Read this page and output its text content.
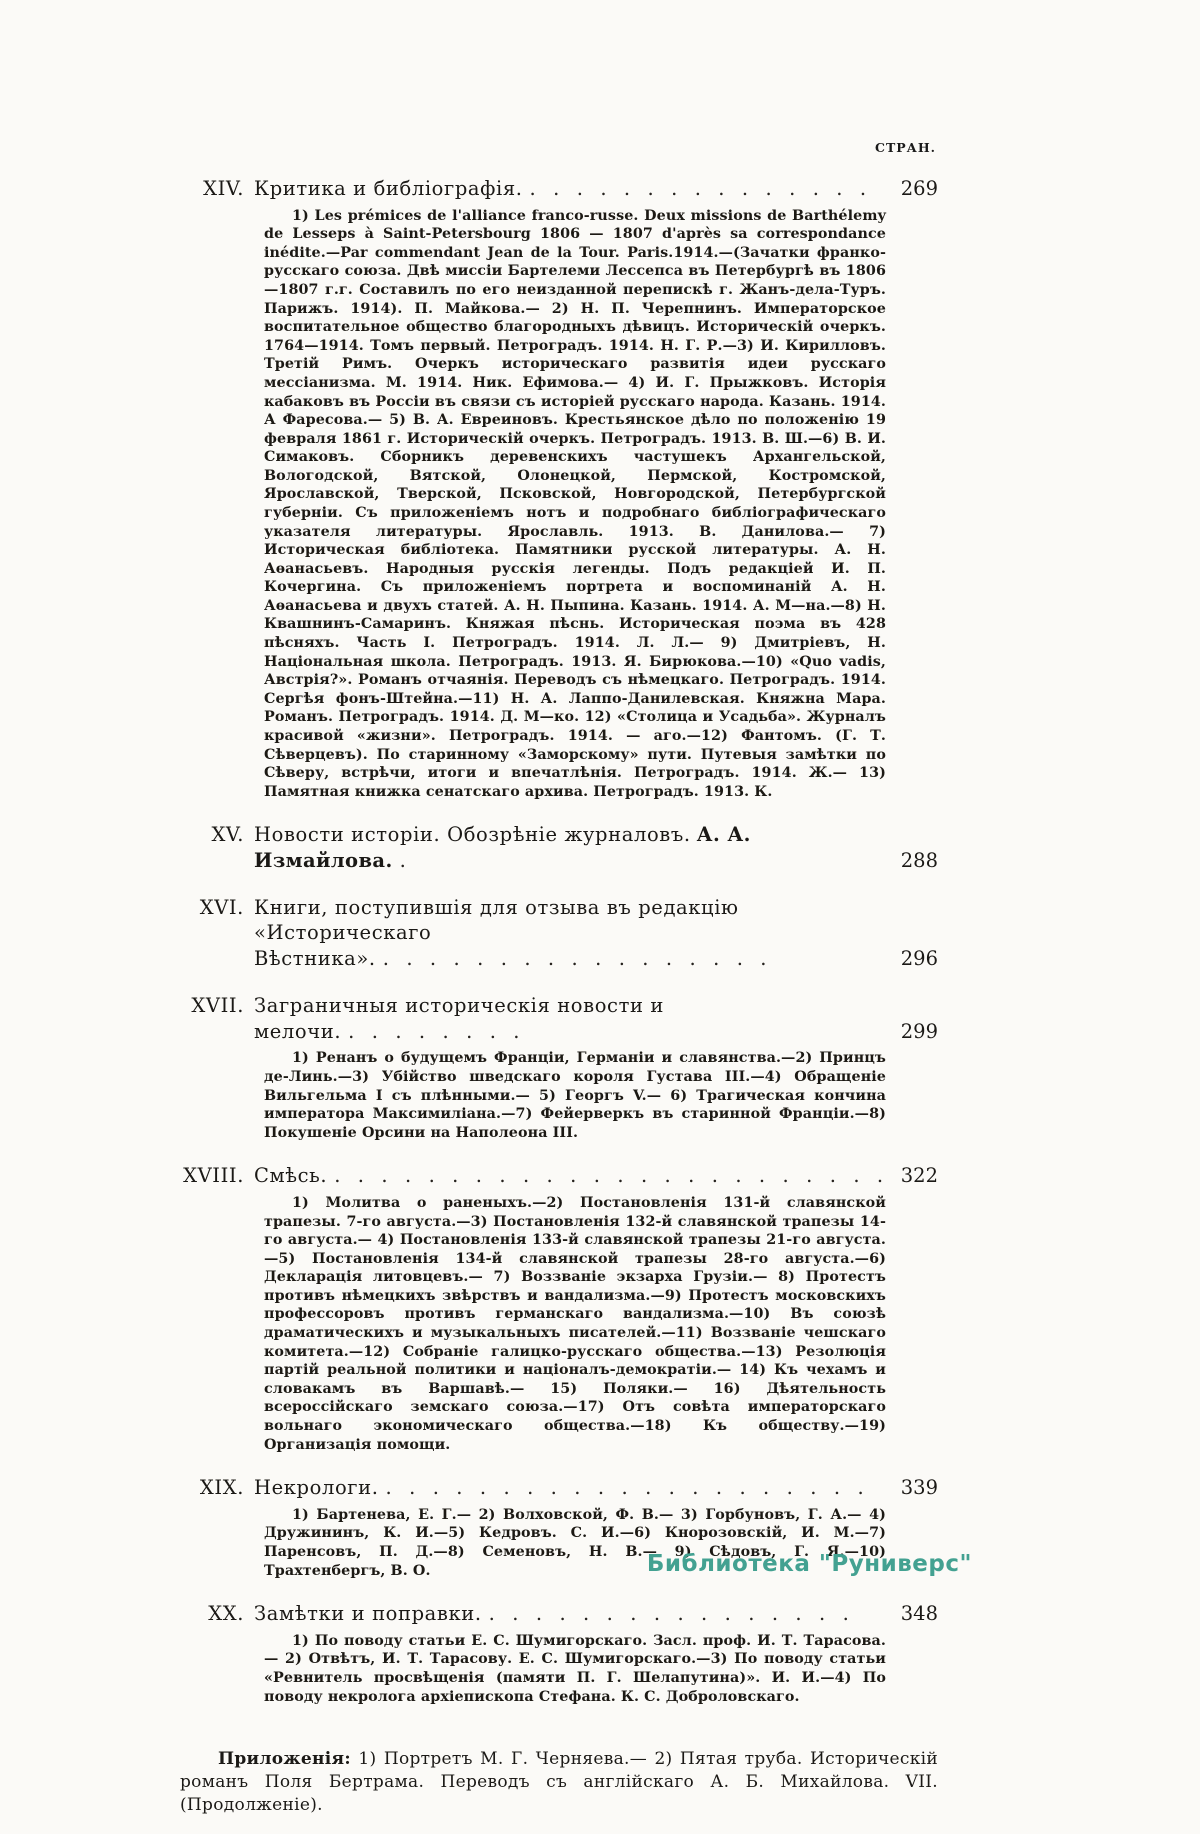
СТРАН.
XIV. Критика и библіографія. . . . . . . . . . . . . . . .	269
1) Les prémices de l'alliance franco-russe. Deux missions de Barthélemy de Lesseps à Saint-Petersbourg 1806 — 1807 d'après sa correspondance inédite.—Par commendant Jean de la Tour. Paris.1914.—(Зачатки франко-русскаго союза. Двѣ миссіи Бартелеми Лессепса въ Петербургѣ въ 1806—1807 г.г. Составилъ по его неизданной перепискѣ г. Жанъ-дела-Туръ. Парижъ. 1914). П. Майкова.— 2) Н. П. Черепнинъ. Императорское воспитательное общество благородныхъ дѣвицъ. Историческій очеркъ. 1764—1914. Томъ первый. Петроградъ. 1914. Н. Г. Р.—3) И. Кирилловъ. Третій Римъ. Очеркъ историческаго развитія идеи русскаго мессіанизма. М. 1914. Ник. Ефимова.— 4) И. Г. Прыжковъ. Исторія кабаковъ въ Россіи въ связи съ исторіей русскаго народа. Казань. 1914. А Фаресова.— 5) В. А. Евреиновъ. Крестьянское дѣло по положенію 19 февраля 1861 г. Историческій очеркъ. Петроградъ. 1913. В. Ш.—6) В. И. Симаковъ. Сборникъ деревенскихъ частушекъ Архангельской, Вологодской, Вятской, Олонецкой, Пермской, Костромской, Ярославской, Тверской, Псковской, Новгородской, Петербургской губерніи. Съ приложеніемъ нотъ и подробнаго библіографическаго указателя литературы. Ярославль. 1913. В. Данилова.— 7) Историческая библіотека. Памятники русской литературы. А. Н. Аѳанасьевъ. Народныя русскія легенды. Подъ редакціей И. П. Кочергина. Съ приложеніемъ портрета и воспоминаній А. Н. Аѳанасьева и двухъ статей. А. Н. Пыпина. Казань. 1914. А. М—на.—8) Н. Квашнинъ-Самаринъ. Княжая пѣснь. Историческая поэма въ 428 пѣсняхъ. Часть I. Петроградъ. 1914. Л. Л.— 9) Дмитріевъ, Н. Національная школа. Петроградъ. 1913. Я. Бирюкова.—10) «Quo vadis, Австрія?». Романъ отчаянія. Переводъ съ нѣмецкаго. Петроградъ. 1914. Сергѣя фонъ-Штейна.—11) Н. А. Лаппо-Данилевская. Княжна Мара. Романъ. Петроградъ. 1914. Д. М—ко. 12) «Столица и Усадьба». Журналъ красивой «жизни». Петроградъ. 1914. — аго.—12) Фантомъ. (Г. Т. Сѣверцевъ). По старинному «Заморскому» пути. Путевыя замѣтки по Сѣверу, встрѣчи, итоги и впечатлѣнія. Петроградъ. 1914. Ж.— 13) Памятная книжка сенатскаго архива. Петроградъ. 1913. К.
XV. Новости исторіи. Обозрѣніе журналовъ. А. А. Измайлова. .	288
XVI. Книги, поступившія для отзыва въ редакцію «Историческаго Вѣстника». . . . . . . . . . . . . . . . . .	296
XVII. Заграничныя историческія новости и мелочи. . . . . . . . .	299
1) Ренанъ о будущемъ Франціи, Германіи и славянства.—2) Принцъ де-Линь.—3) Убійство шведскаго короля Густава III.—4) Обращеніе Вильгельма I съ плѣнными.— 5) Георгъ V.— 6) Трагическая кончина императора Максимиліана.—7) Фейерверкъ въ старинной Франціи.—8) Покушеніе Орсини на Наполеона III.
XVIII. Смѣсь. . . . . . . . . . . . . . . . . . . . . . . . . 322
1) Молитва о раненыхъ.—2) Постановленія 131-й славянской трапезы. 7-го августа.—3) Постановленія 132-й славянской трапезы 14-го августа.— 4) Постановленія 133-й славянской трапезы 21-го августа.—5) Постановленія 134-й славянской трапезы 28-го августа.—6) Декларація литовцевъ.— 7) Воззваніе экзарха Грузіи.— 8) Протестъ противъ нѣмецкихъ звѣрствъ и вандализма.—9) Протестъ московскихъ профессоровъ противъ германскаго вандализма.—10) Въ союзѣ драматическихъ и музыкальныхъ писателей.—11) Воззваніе чешскаго комитета.—12) Собраніе галицко-русскаго общества.—13) Резолюція партій реальной политики и націоналъ-демократіи.— 14) Къ чехамъ и словакамъ въ Варшавѣ.— 15) Поляки.— 16) Дѣятельность всероссійскаго земскаго союза.—17) Отъ совѣта императорскаго вольнаго экономическаго общества.—18) Къ обществу.—19) Организація помощи.
XIX. Некрологи. . . . . . . . . . . . . . . . . . . . . .	339
1) Бартенева, Е. Г.— 2) Волховской, Ф. В.— 3) Горбуновъ, Г. А.— 4) Дружининъ, К. И.—5) Кедровъ. С. И.—6) Кнорозовскій, И. М.—7) Паренсовъ, П. Д.—8) Семеновъ, Н. В.— 9) Сѣдовъ, Г. Я.—10) Трахтенбергъ, В. О.
XX. Замѣтки и поправки. . . . . . . . . . . . . . . . .	348
1) По поводу статьи Е. С. Шумигорскаго. Засл. проф. И. Т. Тарасова.— 2) Отвѣтъ, И. Т. Тарасову. Е. С. Шумигорскаго.—3) По поводу статьи «Ревнитель просвѣщенія (памяти П. Г. Шелапутина)». И. И.—4) По поводу некролога архіепископа Стефана. К. С. Доброловскаго.

Приложенія: 1) Портретъ М. Г. Черняева.— 2) Пятая труба. Историческій романъ Поля Бертрама. Переводъ съ англійскаго А. Б. Михайлова. VII. (Продолженіе).

Библиотека "Руниверс"
